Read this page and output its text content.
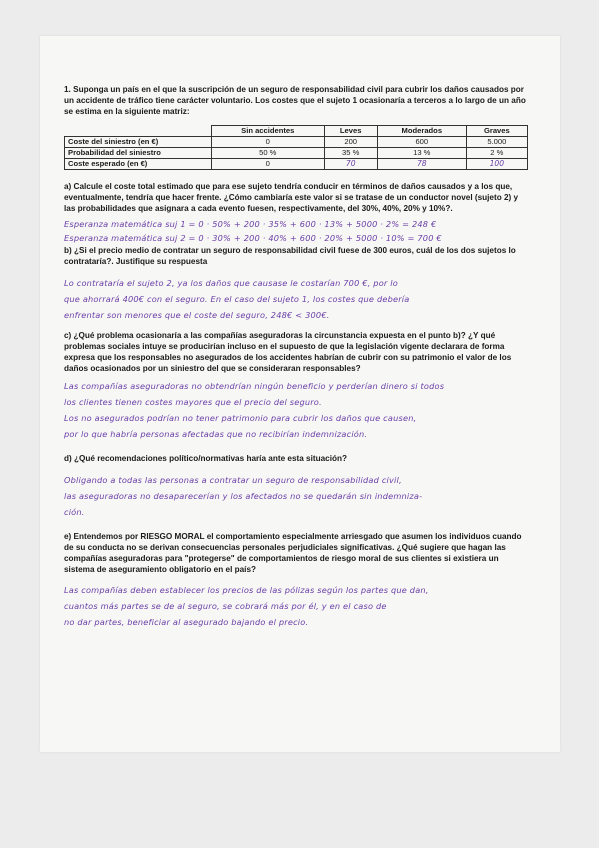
1. Suponga un país en el que la suscripción de un seguro de responsabilidad civil para cubrir los daños causados por un accidente de tráfico tiene carácter voluntario. Los costes que el sujeto 1 ocasionaría a terceros a lo largo de un año se estima en la siguiente matriz:

	Sin accidentes	Leves	Moderados	Graves
Coste del siniestro (en €)	0	200	600	5.000
Probabilidad del siniestro	50 %	35 %	13 %	2 %
Coste esperado (en €)	0	70	78	100

a) Calcule el coste total estimado que para ese sujeto tendría conducir en términos de daños causados y a los que, eventualmente, tendría que hacer frente. ¿Cómo cambiaría este valor si se tratase de un conductor novel (sujeto 2) y las probabilidades que asignara a cada evento fuesen, respectivamente, del 30%, 40%, 20% y 10%?.

Esperanza matemática suj 1 = 0 · 50% + 200 · 35% + 600 · 13% + 5000 · 2% = 248 €

Esperanza matemática suj 2 = 0 · 30% + 200 · 40% + 600 · 20% + 5000 · 10% = 700 €

b) ¿Si el precio medio de contratar un seguro de responsabilidad civil fuese de 300 euros, cuál de los dos sujetos lo contrataría?. Justifique su respuesta

Lo contrataría el sujeto 2, ya los daños que causase le costarían 700 €, por lo

que ahorrará 400€ con el seguro. En el caso del sujeto 1, los costes que debería

enfrentar son menores que el coste del seguro, 248€ < 300€.

c) ¿Qué problema ocasionaría a las compañías aseguradoras la circunstancia expuesta en el punto b)? ¿Y qué problemas sociales intuye se producirían incluso en el supuesto de que la legislación vigente declarara de forma expresa que los responsables no asegurados de los accidentes habrían de cubrir con su patrimonio el valor de los daños ocasionados por un siniestro del que se consideraran responsables?

Las compañías aseguradoras no obtendrían ningún beneficio y perderían dinero si todos

los clientes tienen costes mayores que el precio del seguro.

Los no asegurados podrían no tener patrimonio para cubrir los daños que causen,

por lo que habría personas afectadas que no recibirían indemnización.

d) ¿Qué recomendaciones político/normativas haría ante esta situación?

Obligando a todas las personas a contratar un seguro de responsabilidad civil,

las aseguradoras no desaparecerían y los afectados no se quedarán sin indemniza-

ción.

e) Entendemos por RIESGO MORAL el comportamiento especialmente arriesgado que asumen los individuos cuando de su conducta no se derivan consecuencias personales perjudiciales significativas. ¿Qué sugiere que hagan las compañías aseguradoras para "protegerse" de comportamientos de riesgo moral de sus clientes si existiera un sistema de aseguramiento obligatorio en el país?

Las compañías deben establecer los precios de las pólizas según los partes que dan,

cuantos más partes se de al seguro, se cobrará más por él, y en el caso de

no dar partes, beneficiar al asegurado bajando el precio.
